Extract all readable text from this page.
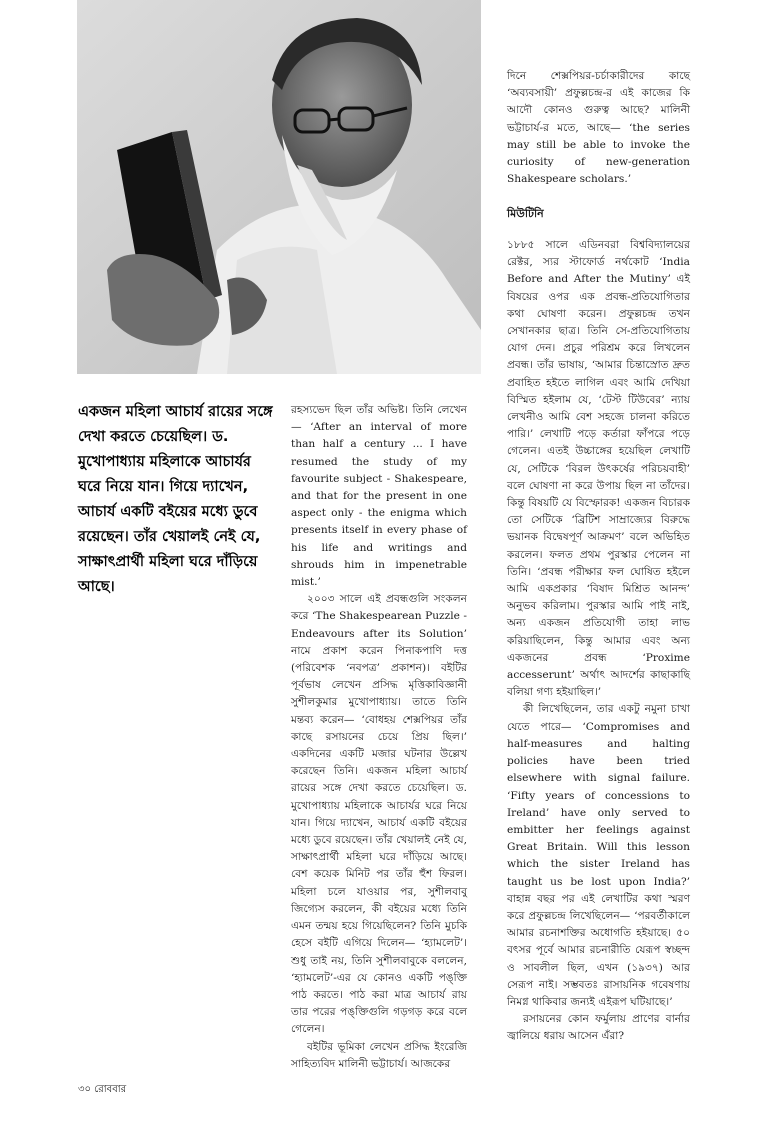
একজন মহিলা আচার্য রায়ের সঙ্গে দেখা করতে চেয়েছিল। ড. মুখোপাধ্যায় মহিলাকে আচার্যর ঘরে নিয়ে যান। গিয়ে দ্যাখেন, আচার্য একটি বইয়ের মধ্যে ডুবে রয়েছেন। তাঁর খেয়ালই নেই যে, সাক্ষাৎপ্রার্থী মহিলা ঘরে দাঁড়িয়ে আছে।

রহস্যভেদ ছিল তাঁর অভিষ্ট। তিনি লেখেন— ‘After an interval of more than half a century ... I have resumed the study of my favourite subject - Shakespeare, and that for the present in one aspect only - the enigma which presents itself in every phase of his life and writings and shrouds him in impenetrable mist.’

২০০৩ সালে এই প্রবন্ধগুলি সংকলন করে ‘The Shakespearean Puzzle - Endeavours after its Solution’ নামে প্রকাশ করেন পিনাকপাণি দত্ত (পরিবেশক ‘নবপত্র’ প্রকাশন)। বইটির পূর্বভাষ লেখেন প্রসিদ্ধ মৃত্তিকাবিজ্ঞানী সুশীলকুমার মুখোপাধ্যায়। তাতে তিনি মন্তব্য করেন— ‘বোধহয় শেক্সপিয়র তাঁর কাছে রসায়নের চেয়ে প্রিয় ছিল।’ একদিনের একটি মজার ঘটনার উল্লেখ করেছেন তিনি। একজন মহিলা আচার্য রায়ের সঙ্গে দেখা করতে চেয়েছিল। ড. মুখোপাধ্যায় মহিলাকে আচার্যর ঘরে নিয়ে যান। গিয়ে দ্যাখেন, আচার্য একটি বইয়ের মধ্যে ডুবে রয়েছেন। তাঁর খেয়ালই নেই যে, সাক্ষাৎপ্রার্থী মহিলা ঘরে দাঁড়িয়ে আছে। বেশ কয়েক মিনিট পর তাঁর হুঁশ ফিরল। মহিলা চলে যাওয়ার পর, সুশীলবাবু জিগ্যেস করলেন, কী বইয়ের মধ্যে তিনি এমন তন্ময় হয়ে গিয়েছিলেন? তিনি মুচকি হেসে বইটি এগিয়ে দিলেন— ‘হ্যামলেট’। শুধু তাই নয়, তিনি সুশীলবাবুকে বললেন, ‘হ্যামলেট’-এর যে কোনও একটি পঙ্‌ক্তি পাঠ করতে। পাঠ করা মাত্র আচার্য রায় তার পরের পঙ্‌ক্তিগুলি গড়গড় করে বলে গেলেন।

বইটির ভূমিকা লেখেন প্রসিদ্ধ ইংরেজি সাহিত্যবিদ মালিনী ভট্টাচার্য। আজকের

দিনে শেক্সপিয়র-চর্চাকারীদের কাছে ‘অব্যবসায়ী’ প্রফুল্লচন্দ্র-র এই কাজের কি আদৌ কোনও গুরুত্ব আছে? মালিনী ভট্টাচার্য-র মতে, আছে— ‘the series may still be able to invoke the curiosity of new-generation Shakespeare scholars.’

মিউটিনি

১৮৮৫ সালে এডিনবরা বিশ্ববিদ্যালয়ের রেক্টর, স্যর স্টাফোর্ড নর্থকোট ‘India Before and After the Mutiny’ এই বিষয়ের ওপর এক প্রবন্ধ-প্রতিযোগিতার কথা ঘোষণা করেন। প্রফুল্লচন্দ্র তখন সেখানকার ছাত্র। তিনি সে-প্রতিযোগিতায় যোগ দেন। প্রচুর পরিশ্রম করে লিখলেন প্রবন্ধ। তাঁর ভাষায়, ‘আমার চিন্তাস্রোত দ্রুত প্রবাহিত হইতে লাগিল এবং আমি দেখিয়া বিস্মিত হইলাম যে, ‘টেস্ট টিউবের’ ন্যায় লেখনীও আমি বেশ সহজে চালনা করিতে পারি।’ লেখাটি পড়ে কর্তারা ফাঁপরে পড়ে গেলেন। এতই উচ্চাঙ্গের হয়েছিল লেখাটি যে, সেটিকে ‘বিরল উৎকর্ষের পরিচয়বাহী’ বলে ঘোষণা না করে উপায় ছিল না তাঁদের। কিন্তু বিষয়টি যে বিস্ফোরক! একজন বিচারক তো সেটিকে ‘ব্রিটিশ সাম্রাজ্যের বিরুদ্ধে ভয়ানক বিদ্বেষপূর্ণ আক্রমণ’ বলে অভিহিত করলেন। ফলত প্রথম পুরস্কার পেলেন না তিনি। ‘প্রবন্ধ পরীক্ষার ফল ঘোষিত হইলে আমি একপ্রকার ‘বিষাদ মিশ্রিত আনন্দ’ অনুভব করিলাম। পুরস্কার আমি পাই নাই, অন্য একজন প্রতিযোগী তাহা লাভ করিয়াছিলেন, কিন্তু আমার এবং অন্য একজনের প্রবন্ধ ‘Proxime accesserunt’ অর্থাৎ আদর্শের কাছাকাছি বলিয়া গণ্য হইয়াছিল।’

কী লিখেছিলেন, তার একটু নমুনা চাখা যেতে পারে— ‘Compromises and half-measures and halting policies have been tried elsewhere with signal failure. ‘Fifty years of concessions to Ireland’ have only served to embitter her feelings against Great Britain. Will this lesson which the sister Ireland has taught us be lost upon India?’ বাহান্ন বছর পর এই লেখাটির কথা স্মরণ করে প্রফুল্লচন্দ্র লিখেছিলেন— ‘পরবর্তীকালে আমার রচনাশক্তির অধোগতি হইয়াছে। ৫০ বৎসর পূর্বে আমার রচনারীতি যেরূপ স্বচ্ছন্দ ও সাবলীল ছিল, এখন (১৯৩৭) আর সেরূপ নাই। সম্ভবতঃ রাসায়নিক গবেষণায় নিমগ্ন থাকিবার জন্যই এইরূপ ঘটিয়াছে।’

রসায়নের কোন ফর্মুলায় প্রাণের বার্নার জ্বালিয়ে ধরায় আসেন এঁরা?

৩০ রোববার
